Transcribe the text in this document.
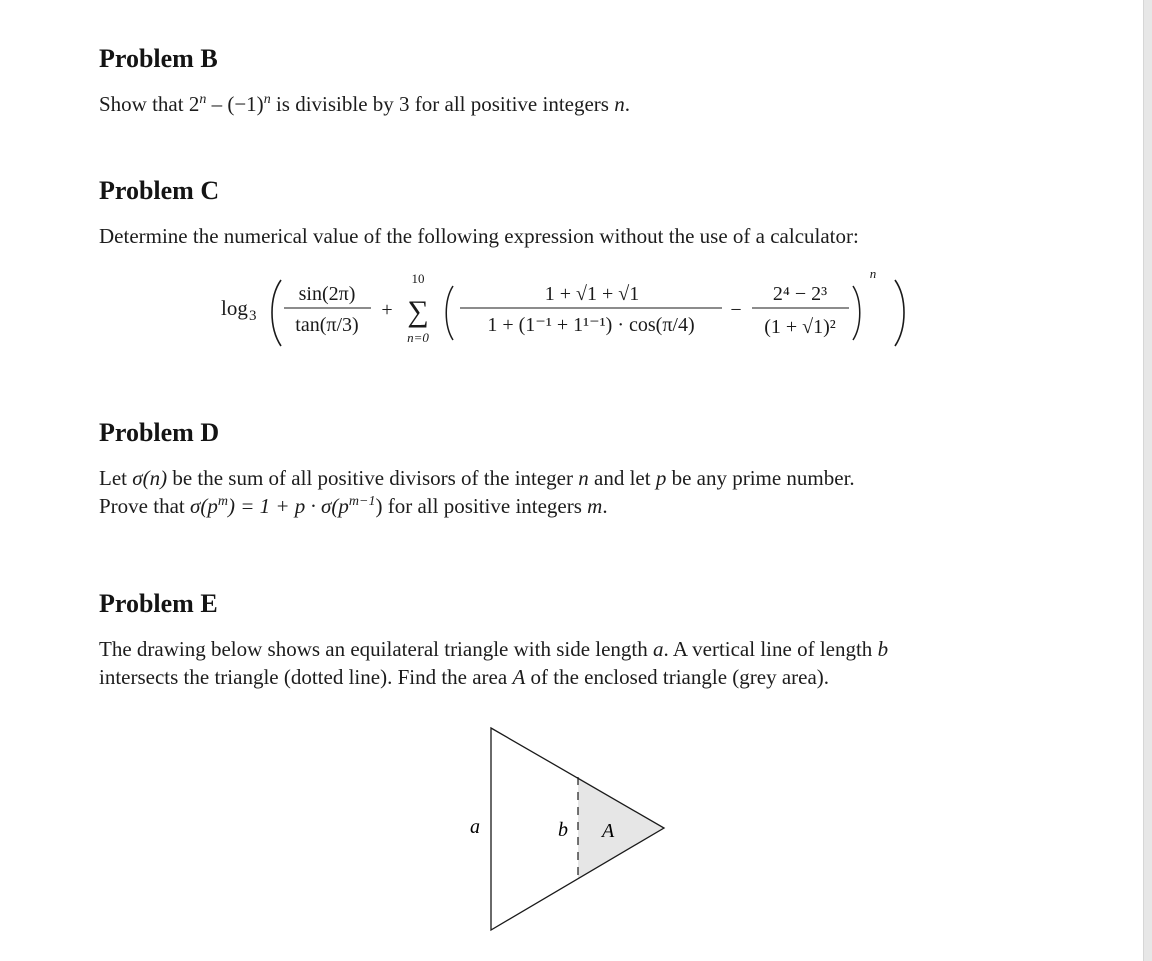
Problem B

Show that $2^n - (-1)^n$ is divisible by 3 for all positive integers n.

Problem C

Determine the numerical value of the following expression without the use of a calculator:

log 3
sin(2π)
tan(π/3)
+
10
∑
n=0
1 + √1 + √1
1 + (1⁻¹ + 1¹⁻¹) · cos(π/4)
−
2⁴ − 2³
(1 + √1)²
n
Problem D

Let σ(n) be the sum of all positive divisors of the integer n and let p be any prime number.

Prove that $\sigma(p^m) = 1 + p \cdot \sigma(p^{m-1})$ for all positive integers m.

Problem E

The drawing below shows an equilateral triangle with side length a. A vertical line of length b

intersects the triangle (dotted line). Find the area A of the enclosed triangle (grey area).

a	b A
